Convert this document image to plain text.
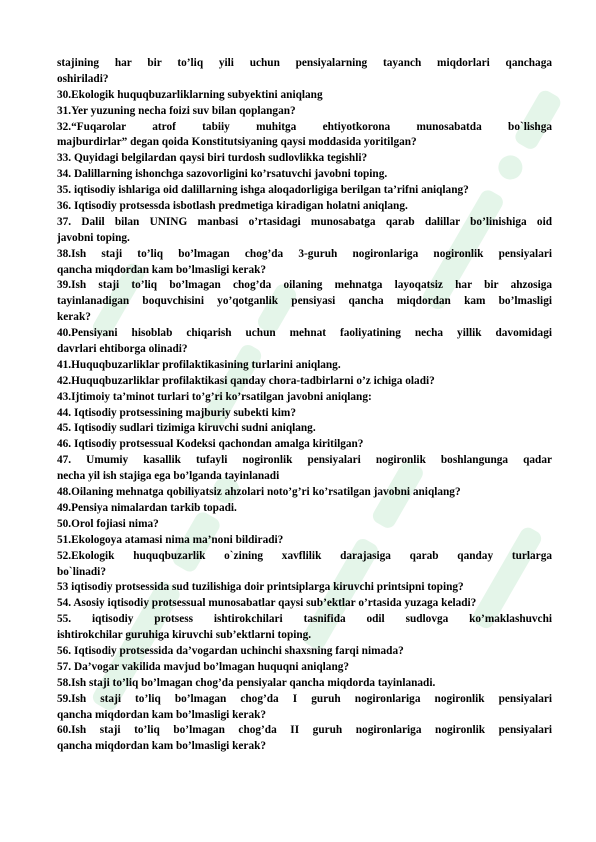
stajining har bir to’liq yili uchun pensiyalarning tayanch miqdorlari qanchaga
oshiriladi?
30.Ekologik huquqbuzarliklarning subyektini aniqlang
31.Yer yuzuning necha foizi suv bilan qoplangan?
32.“Fuqarolar atrof tabiiy muhitga ehtiyotkorona munosabatda bo`lishga
majburdirlar” degan qoida Konstitutsiyaning qaysi moddasida yoritilgan?
33. Quyidagi belgilardan qaysi biri turdosh sudlovlikka tegishli?
34. Dalillarning ishonchga sazovorligini ko’rsatuvchi javobni toping.
35. iqtisodiy ishlariga oid dalillarning ishga aloqadorligiga berilgan ta’rifni aniqlang?
36. Iqtisodiy protsessda isbotlash predmetiga kiradigan holatni aniqlang.
37. Dalil bilan UNING manbasi o’rtasidagi munosabatga qarab dalillar bo’linishiga oid
javobni toping.
38.Ish staji to’liq bo’lmagan chog’da 3-guruh nogironlariga nogironlik pensiyalari
qancha miqdordan kam bo’lmasligi kerak?
39.Ish staji to’liq bo’lmagan chog’da oilaning mehnatga layoqatsiz har bir ahzosiga
tayinlanadigan boquvchisini yo’qotganlik pensiyasi qancha miqdordan kam bo’lmasligi
kerak?
40.Pensiyani hisoblab chiqarish uchun mehnat faoliyatining necha yillik davomidagi
davrlari ehtiborga olinadi?
41.Huquqbuzarliklar profilaktikasining turlarini aniqlang.
42.Huquqbuzarliklar profilaktikasi qanday chora-tadbirlarni o’z ichiga oladi?
43.Ijtimoiy ta’minot turlari to’g’ri ko’rsatilgan javobni aniqlang:
44. Iqtisodiy protsessining majburiy subekti kim?
45. Iqtisodiy sudlari tizimiga kiruvchi sudni aniqlang.
46. Iqtisodiy protsessual Kodeksi qachondan amalga kiritilgan?
47. Umumiy kasallik tufayli nogironlik pensiyalari nogironlik boshlangunga qadar
necha yil ish stajiga ega bo’lganda tayinlanadi
48.Oilaning mehnatga qobiliyatsiz ahzolari noto’g’ri ko’rsatilgan javobni aniqlang?
49.Pensiya nimalardan tarkib topadi.
50.Orol fojiasi nima?
51.Ekologoya atamasi nima ma’noni bildiradi?
52.Ekologik huquqbuzarlik o`zining xavflilik darajasiga qarab qanday turlarga
bo`linadi?
53 iqtisodiy protsessida sud tuzilishiga doir printsiplarga kiruvchi printsipni toping?
54. Asosiy iqtisodiy protsessual munosabatlar qaysi sub’ektlar o’rtasida yuzaga keladi?
55. iqtisodiy protsess ishtirokchilari tasnifida odil sudlovga ko’maklashuvchi
ishtirokchilar guruhiga kiruvchi sub’ektlarni toping.
56. Iqtisodiy protsessida da’vogardan uchinchi shaxsning farqi nimada?
57. Da’vogar vakilida mavjud bo’lmagan huquqni aniqlang?
58.Ish staji to’liq bo’lmagan chog’da pensiyalar qancha miqdorda tayinlanadi.
59.Ish staji to’liq bo’lmagan chog’da I guruh nogironlariga nogironlik pensiyalari
qancha miqdordan kam bo’lmasligi kerak?
60.Ish staji to’liq bo’lmagan chog’da II guruh nogironlariga nogironlik pensiyalari
qancha miqdordan kam bo’lmasligi kerak?
